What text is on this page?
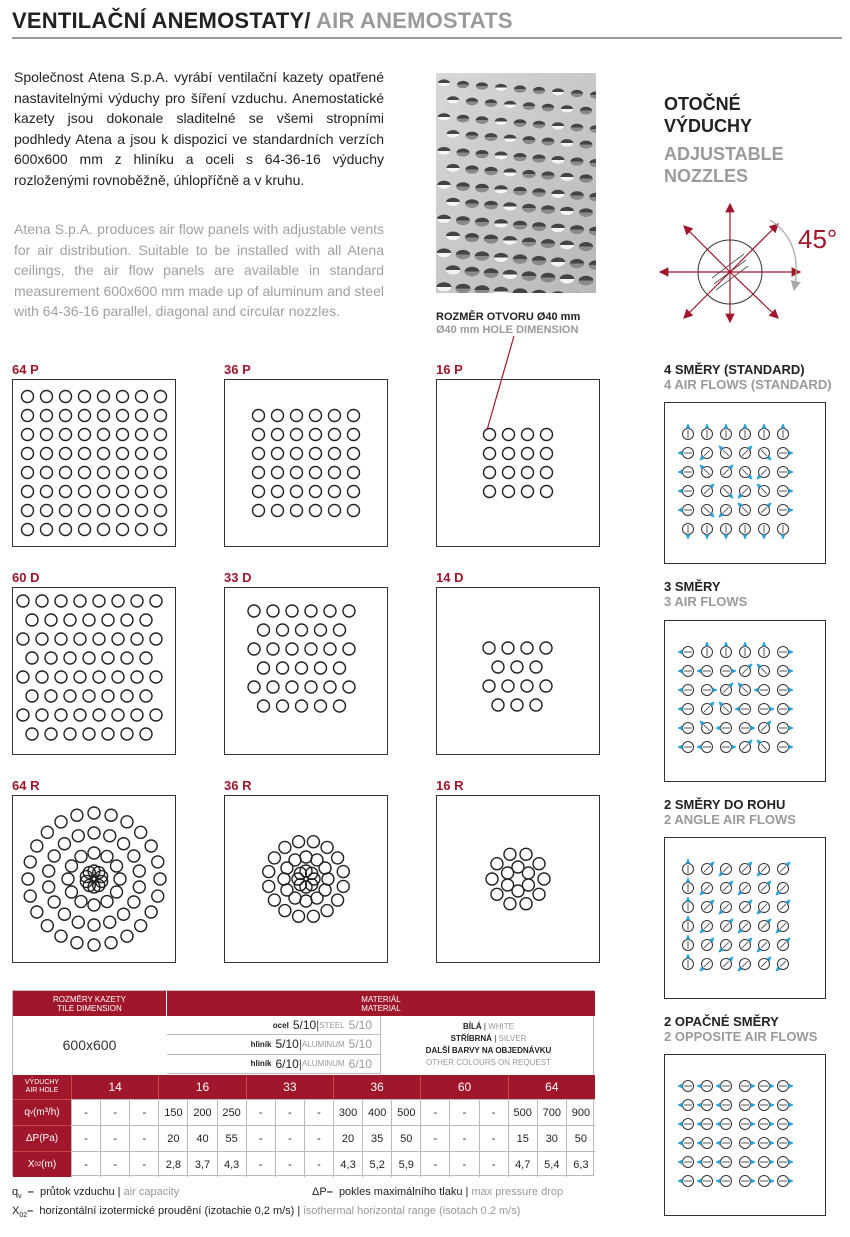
VENTILAČNÍ ANEMOSTATY/ AIR ANEMOSTATS
Společnost Atena S.p.A. vyrábí ventilační kazety opatřené nastavitelnými výduchy pro šíření vzduchu. Anemostatické kazety jsou dokonale sladitelné se všemi stropními podhledy Atena a jsou k dispozici ve standardních verzích 600x600 mm z hliníku a oceli s 64-36-16 výduchy rozloženými rovnoběžně, úhlopříčně a v kruhu.
Atena S.p.A. produces air flow panels with adjustable vents for air distribution. Suitable to be installed with all Atena ceilings, the air flow panels are available in standard measurement 600x600 mm made up of aluminum and steel with 64-36-16 parallel, diagonal and circular nozzles.	ROZMĚR OTVORU Ø40 mm
Ø40 mm HOLE DIMENSION
64 P	36 P	16 P
60 D	33 D	14 D
64 R	36 R	16 R
OTOČNÉ
VÝDUCHY
ADJUSTABLE
NOZZLES
45°
4 SMĚRY (STANDARD)
4 AIR FLOWS (STANDARD)
3 SMĚRY
3 AIR FLOWS
2 SMĚRY DO ROHU
2 ANGLE AIR FLOWS
2 OPAČNÉ SMĚRY
2 OPPOSITE AIR FLOWS
ROZMĚRY KAZETY
TILE DIMENSION
MATERIÁL
MATERIAL
600x600
ocel 5/10 | STEEL 5/10
hliník 5/10 | ALUMINUM 5/10
hliník 6/10 | ALUMINUM 6/10
BÍLÁ | WHITE
STŘÍBRNÁ | SILVER
DALŠÍ BARVY NA OBJEDNÁVKU
OTHER COLOURS ON REQUEST
VÝDUCHY
AIR HOLE	14	16	33	36	60	64
q v (m³/h)	-	-	-	150 200 250	-	-	-	300 400 500	-	-	-	500 700 900
ΔP (Pa)	-	-	-	20	40	55	-	-	-	20	35	50	-	-	-	15	30	50
X 02 (m)	-	-	-	2,8	3,7	4,3	-	-	-	4,3	5,2	5,9	-	-	-	4,7	5,4	6,3
$q_v$ – průtok vzduchu | air capacity	ΔP– pokles maximálního tlaku | max pressure drop
$X_{02}-$ horizontální izotermické proudění (izotachie 0,2 m/s) | isothermal horizontal range (isotach 0.2 m/s)
